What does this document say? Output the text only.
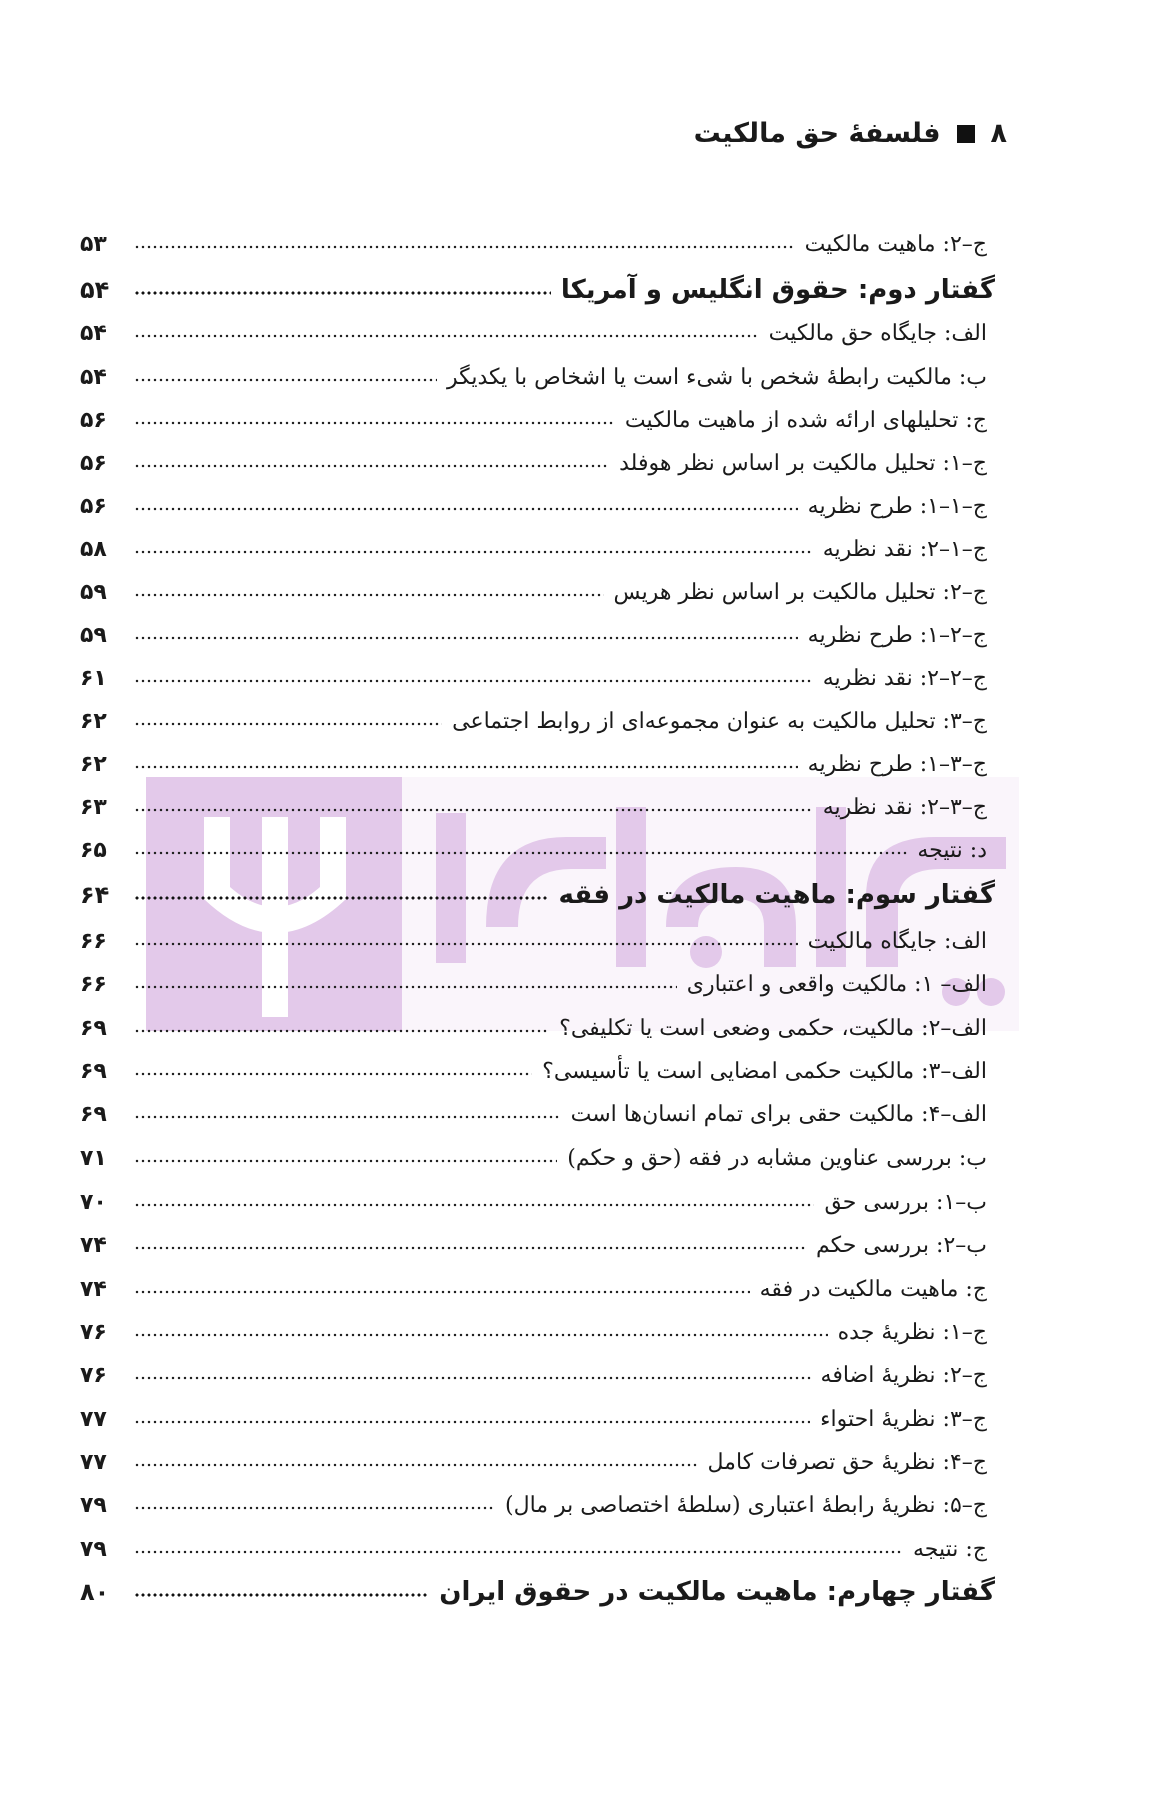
۸
فلسفهٔ حق مالکیت
ج–۲: ماهیت مالکیت
۵۳
گفتار دوم: حقوق انگلیس و آمریکا
۵۴
الف: جایگاه حق مالکیت
۵۴
ب: مالکیت رابطهٔ شخص با شیء است یا اشخاص با یکدیگر
۵۴
ج: تحلیلهای ارائه شده از ماهیت مالکیت
۵۶
ج–۱: تحلیل مالکیت بر اساس نظر هوفلد
۵۶
ج–۱–۱: طرح نظریه
۵۶
ج–۱–۲: نقد نظریه
۵۸
ج–۲: تحلیل مالکیت بر اساس نظر هریس
۵۹
ج–۲–۱: طرح نظریه
۵۹
ج–۲–۲: نقد نظریه
۶۱
ج–۳: تحلیل مالکیت به عنوان مجموعه‌ای از روابط اجتماعی
۶۲
ج–۳–۱: طرح نظریه
۶۲
ج–۳–۲: نقد نظریه
۶۳
د: نتیجه
۶۵
گفتار سوم: ماهیت مالکیت در فقه
۶۴
الف: جایگاه مالکیت
۶۶
الف– ۱: مالکیت واقعی و اعتباری
۶۶
الف–۲: مالکیت، حکمی وضعی است یا تکلیفی؟
۶۹
الف–۳: مالکیت حکمی امضایی است یا تأسیسی؟
۶۹
الف–۴: مالکیت حقی برای تمام انسان‌ها است
۶۹
ب: بررسی عناوین مشابه در فقه (حق و حکم)
۷۱
ب–۱: بررسی حق
۷۰
ب–۲: بررسی حکم
۷۴
ج: ماهیت مالکیت در فقه
۷۴
ج–۱: نظریهٔ جده
۷۶
ج–۲: نظریهٔ اضافه
۷۶
ج–۳: نظریهٔ احتواء
۷۷
ج–۴: نظریهٔ حق تصرفات کامل
۷۷
ج–۵: نظریهٔ رابطهٔ اعتباری (سلطهٔ اختصاصی بر مال)
۷۹
ج: نتیجه
۷۹
گفتار چهارم: ماهیت مالکیت در حقوق ایران
۸۰
